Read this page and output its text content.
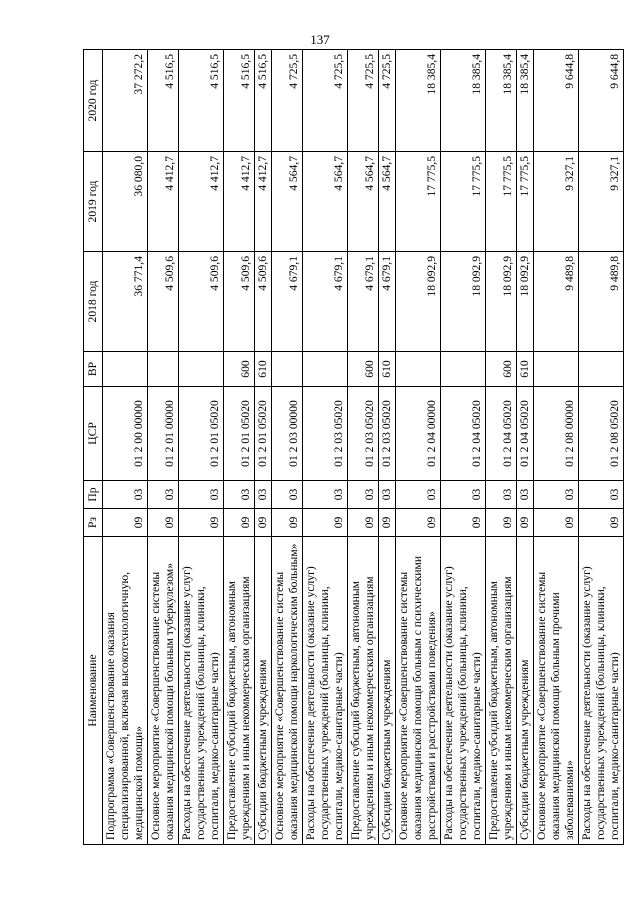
137
Наименование	Рз	Пр	ЦСР	ВР	2018 год	2019 год	2020 год
Подпрограмма «Совершенствование оказания специализированной, включая высокотехнологичную, медицинской помощи»	09	03	01 2 00 00000		36 771,4	36 080,0	37 272,2
Основное мероприятие «Совершенствование системы оказания медицинской помощи больным туберкулезом»	09	03	01 2 01 00000		4 509,6	4 412,7	4 516,5
Расходы на обеспечение деятельности (оказание услуг) государственных учреждений (больницы, клиники, госпитали, медико-санитарные части)	09	03	01 2 01 05020		4 509,6	4 412,7	4 516,5
Предоставление субсидий бюджетным, автономным учреждениям и иным некоммерческим организациям	09	03	01 2 01 05020	600	4 509,6	4 412,7	4 516,5
Субсидии бюджетным учреждениям	09	03	01 2 01 05020	610	4 509,6	4 412,7	4 516,5
Основное мероприятие «Совершенствование системы оказания медицинской помощи наркологическим больным»	09	03	01 2 03 00000		4 679,1	4 564,7	4 725,5
Расходы на обеспечение деятельности (оказание услуг) государственных учреждений (больницы, клиники, госпитали, медико-санитарные части)	09	03	01 2 03 05020		4 679,1	4 564,7	4 725,5
Предоставление субсидий бюджетным, автономным учреждениям и иным некоммерческим организациям	09	03	01 2 03 05020	600	4 679,1	4 564,7	4 725,5
Субсидии бюджетным учреждениям	09	03	01 2 03 05020	610	4 679,1	4 564,7	4 725,5
Основное мероприятие «Совершенствование системы оказания медицинской помощи больным с психическими расстройствами и расстройствами поведения»	09	03	01 2 04 00000		18 092,9	17 775,5	18 385,4
Расходы на обеспечение деятельности (оказание услуг) государственных учреждений (больницы, клиники, госпитали, медико-санитарные части)	09	03	01 2 04 05020		18 092,9	17 775,5	18 385,4
Предоставление субсидий бюджетным, автономным учреждениям и иным некоммерческим организациям	09	03	01 2 04 05020	600	18 092,9	17 775,5	18 385,4
Субсидии бюджетным учреждениям	09	03	01 2 04 05020	610	18 092,9	17 775,5	18 385,4
Основное мероприятие «Совершенствование системы оказания медицинской помощи больным прочими заболеваниями»	09	03	01 2 08 00000		9 489,8	9 327,1	9 644,8
Расходы на обеспечение деятельности (оказание услуг) государственных учреждений (больницы, клиники, госпитали, медико-санитарные части)	09	03	01 2 08 05020		9 489,8	9 327,1	9 644,8
